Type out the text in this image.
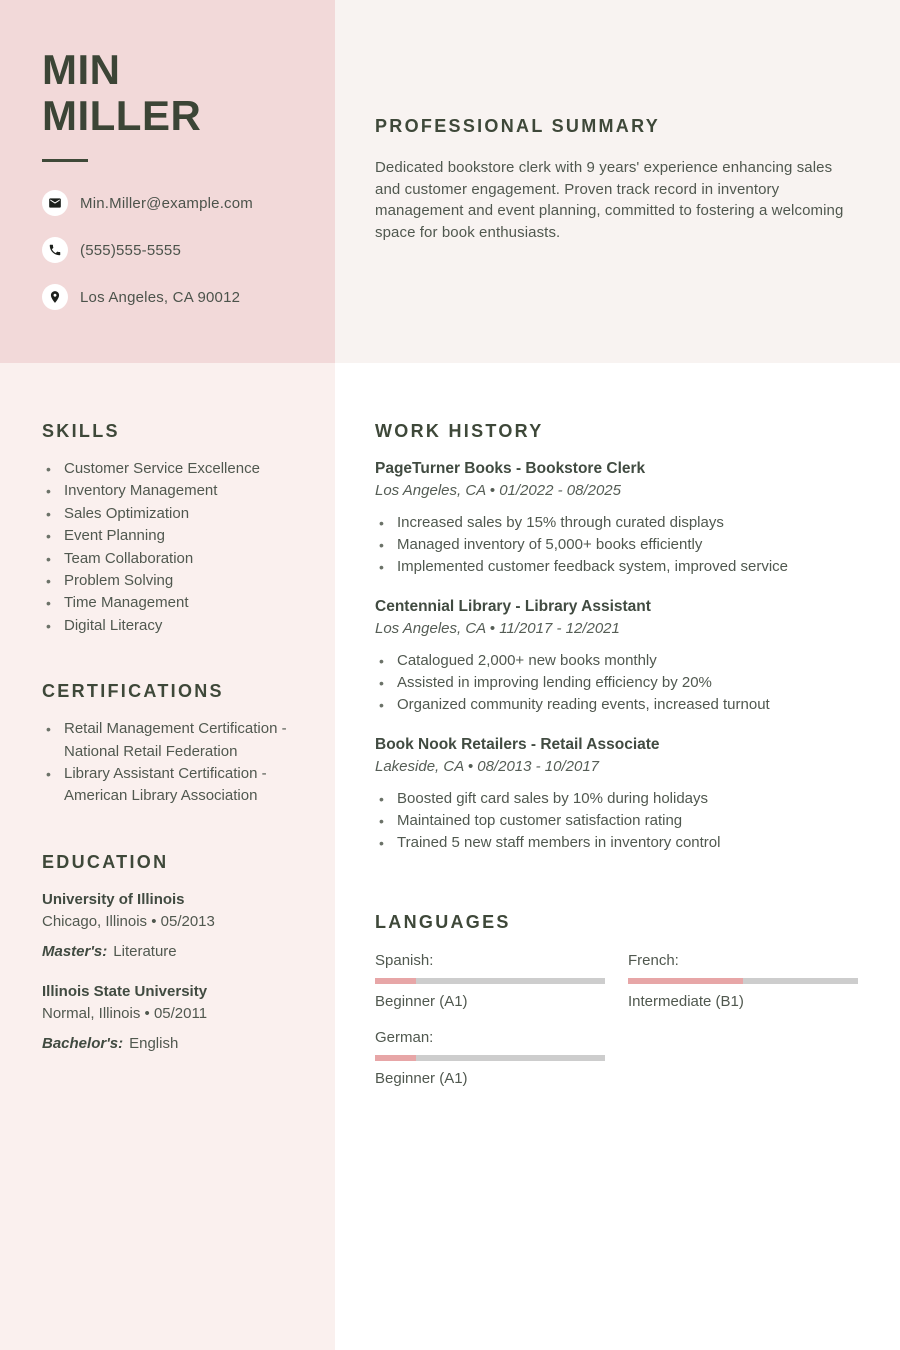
MIN
MILLER
Min.Miller@example.com
(555)555-5555
Los Angeles, CA 90012
PROFESSIONAL SUMMARY

Dedicated bookstore clerk with 9 years' experience enhancing sales and customer engagement. Proven track record in inventory management and event planning, committed to fostering a welcoming space for book enthusiasts.

SKILLS
• Customer Service Excellence
• Inventory Management
• Sales Optimization
• Event Planning
• Team Collaboration
• Problem Solving
• Time Management
• Digital Literacy
CERTIFICATIONS
• Retail Management Certification - National Retail Federation
• Library Assistant Certification - American Library Association
EDUCATION
University of Illinois
Chicago, Illinois • 05/2013
Master's: Literature
Illinois State University
Normal, Illinois • 05/2011
Bachelor's: English
WORK HISTORY
PageTurner Books - Bookstore Clerk
Los Angeles, CA • 01/2022 - 08/2025
• Increased sales by 15% through curated displays
• Managed inventory of 5,000+ books efficiently
• Implemented customer feedback system, improved service
Centennial Library - Library Assistant
Los Angeles, CA • 11/2017 - 12/2021
• Catalogued 2,000+ new books monthly
• Assisted in improving lending efficiency by 20%
• Organized community reading events, increased turnout
Book Nook Retailers - Retail Associate
Lakeside, CA • 08/2013 - 10/2017
• Boosted gift card sales by 10% during holidays
• Maintained top customer satisfaction rating
• Trained 5 new staff members in inventory control
LANGUAGES
Spanish:
Beginner (A1)
French:
Intermediate (B1)
German:
Beginner (A1)
